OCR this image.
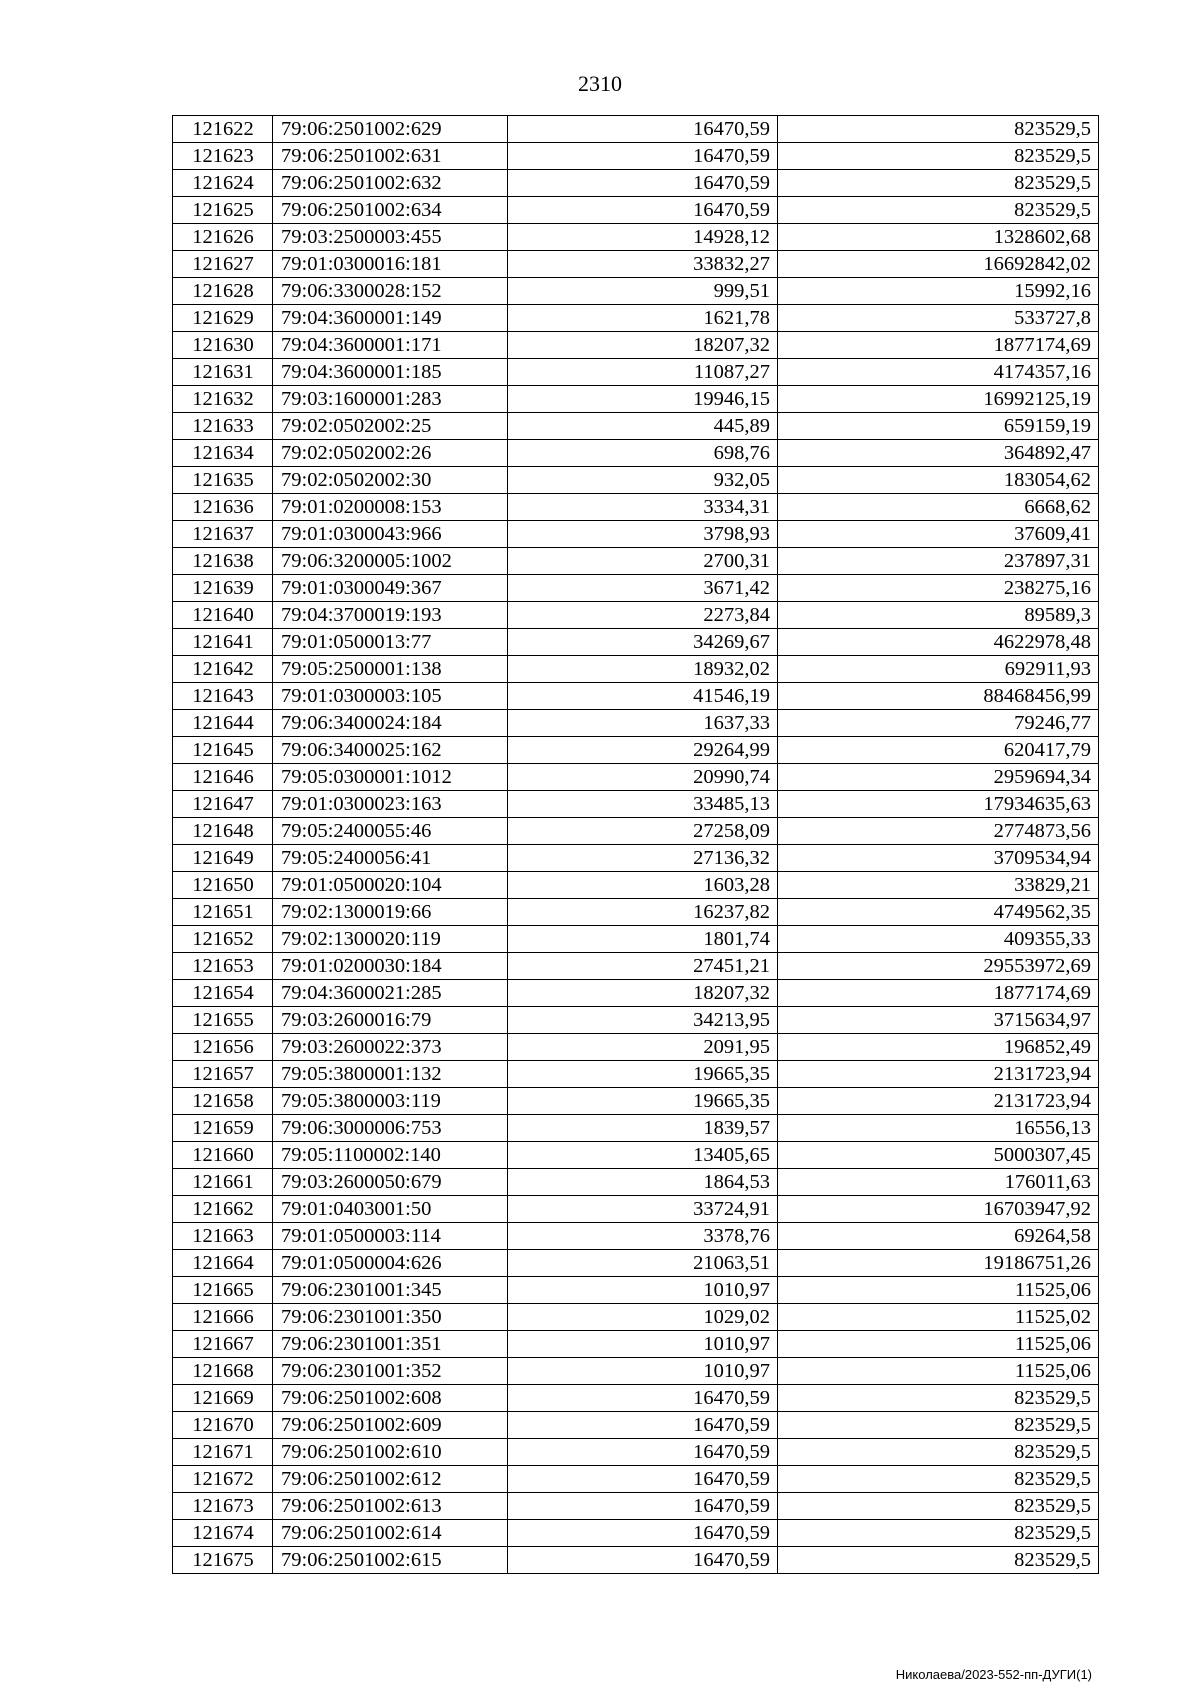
2310
121622	79:06:2501002:629	16470,59	823529,5
121623	79:06:2501002:631	16470,59	823529,5
121624	79:06:2501002:632	16470,59	823529,5
121625	79:06:2501002:634	16470,59	823529,5
121626	79:03:2500003:455	14928,12	1328602,68
121627	79:01:0300016:181	33832,27	16692842,02
121628	79:06:3300028:152	999,51	15992,16
121629	79:04:3600001:149	1621,78	533727,8
121630	79:04:3600001:171	18207,32	1877174,69
121631	79:04:3600001:185	11087,27	4174357,16
121632	79:03:1600001:283	19946,15	16992125,19
121633	79:02:0502002:25	445,89	659159,19
121634	79:02:0502002:26	698,76	364892,47
121635	79:02:0502002:30	932,05	183054,62
121636	79:01:0200008:153	3334,31	6668,62
121637	79:01:0300043:966	3798,93	37609,41
121638	79:06:3200005:1002	2700,31	237897,31
121639	79:01:0300049:367	3671,42	238275,16
121640	79:04:3700019:193	2273,84	89589,3
121641	79:01:0500013:77	34269,67	4622978,48
121642	79:05:2500001:138	18932,02	692911,93
121643	79:01:0300003:105	41546,19	88468456,99
121644	79:06:3400024:184	1637,33	79246,77
121645	79:06:3400025:162	29264,99	620417,79
121646	79:05:0300001:1012	20990,74	2959694,34
121647	79:01:0300023:163	33485,13	17934635,63
121648	79:05:2400055:46	27258,09	2774873,56
121649	79:05:2400056:41	27136,32	3709534,94
121650	79:01:0500020:104	1603,28	33829,21
121651	79:02:1300019:66	16237,82	4749562,35
121652	79:02:1300020:119	1801,74	409355,33
121653	79:01:0200030:184	27451,21	29553972,69
121654	79:04:3600021:285	18207,32	1877174,69
121655	79:03:2600016:79	34213,95	3715634,97
121656	79:03:2600022:373	2091,95	196852,49
121657	79:05:3800001:132	19665,35	2131723,94
121658	79:05:3800003:119	19665,35	2131723,94
121659	79:06:3000006:753	1839,57	16556,13
121660	79:05:1100002:140	13405,65	5000307,45
121661	79:03:2600050:679	1864,53	176011,63
121662	79:01:0403001:50	33724,91	16703947,92
121663	79:01:0500003:114	3378,76	69264,58
121664	79:01:0500004:626	21063,51	19186751,26
121665	79:06:2301001:345	1010,97	11525,06
121666	79:06:2301001:350	1029,02	11525,02
121667	79:06:2301001:351	1010,97	11525,06
121668	79:06:2301001:352	1010,97	11525,06
121669	79:06:2501002:608	16470,59	823529,5
121670	79:06:2501002:609	16470,59	823529,5
121671	79:06:2501002:610	16470,59	823529,5
121672	79:06:2501002:612	16470,59	823529,5
121673	79:06:2501002:613	16470,59	823529,5
121674	79:06:2501002:614	16470,59	823529,5
121675	79:06:2501002:615	16470,59	823529,5
Николаева/2023-552-пп-ДУГИ(1)
